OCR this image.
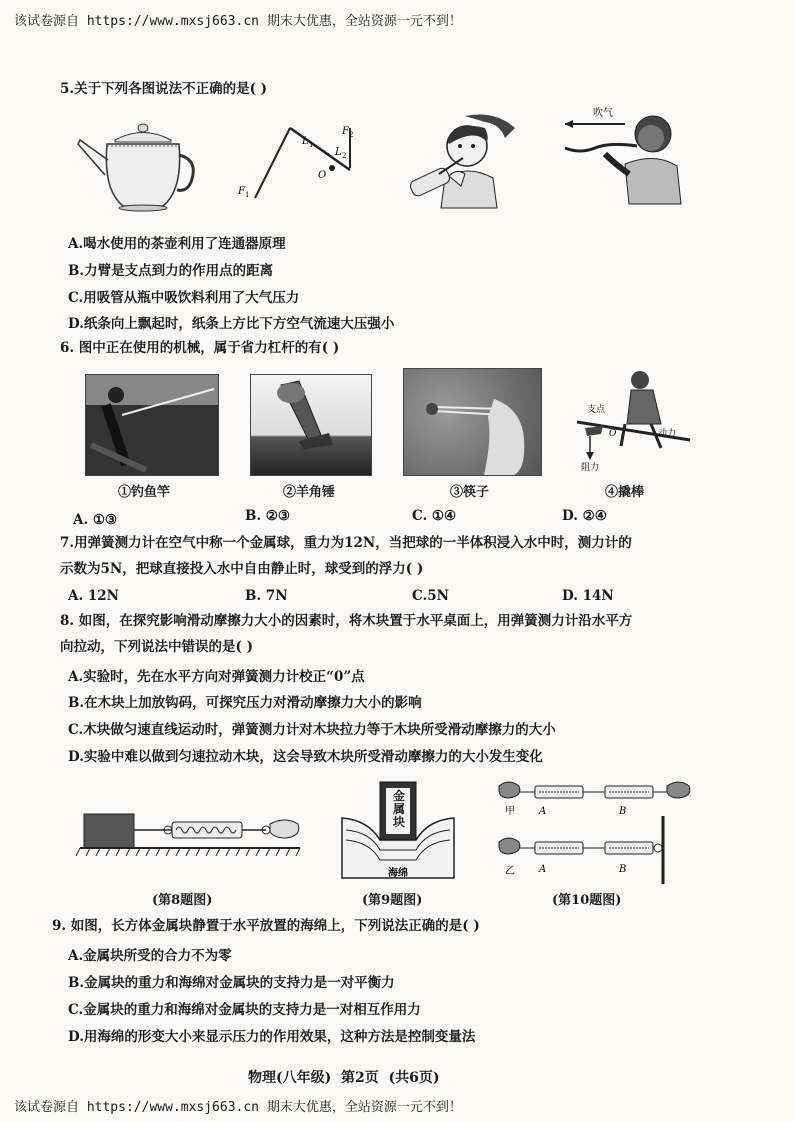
该试卷源自 https://www.mxsj663.cn 期末大优惠，全站资源一元不到！
5.关于下列各图说法不正确的是( )
L 1
L 2
F 2
F 1
O
吹气
A.喝水使用的茶壶利用了连通器原理
B.力臂是支点到力的作用点的距离
C.用吸管从瓶中吸饮料利用了大气压力
D.纸条向上飘起时，纸条上方比下方空气流速大压强小
6. 图中正在使用的机械，属于省力杠杆的有( )
支点
O	动力
阻力
①钓鱼竿	②羊角锤	③筷子	④撬棒
A. ①③	B. ②③	C. ①④	D. ②④
7.用弹簧测力计在空气中称一个金属球，重力为12N，当把球的一半体积浸入水中时，测力计的
示数为5N，把球直接投入水中自由静止时，球受到的浮力( )
A. 12N	B. 7N	C.5N	D. 14N
8. 如图，在探究影响滑动摩擦力大小的因素时，将木块置于水平桌面上，用弹簧测力计沿水平方
向拉动，下列说法中错误的是( )
A.实验时，先在水平方向对弹簧测力计校正“0”点
B.在木块上加放钩码，可探究压力对滑动摩擦力大小的影响
C.木块做匀速直线运动时，弹簧测力计对木块拉力等于木块所受滑动摩擦力的大小
D.实验中难以做到匀速拉动木块，这会导致木块所受滑动摩擦力的大小发生变化
海绵
金属块
甲 A	B
乙 A	B
(第8题图)	(第9题图)	(第10题图)
9. 如图，长方体金属块静置于水平放置的海绵上，下列说法正确的是( )
A.金属块所受的合力不为零
B.金属块的重力和海绵对金属块的支持力是一对平衡力
C.金属块的重力和海绵对金属块的支持力是一对相互作用力
D.用海绵的形变大小来显示压力的作用效果，这种方法是控制变量法
物理(八年级)  第2页  (共6页)
该试卷源自 https://www.mxsj663.cn 期末大优惠，全站资源一元不到！
